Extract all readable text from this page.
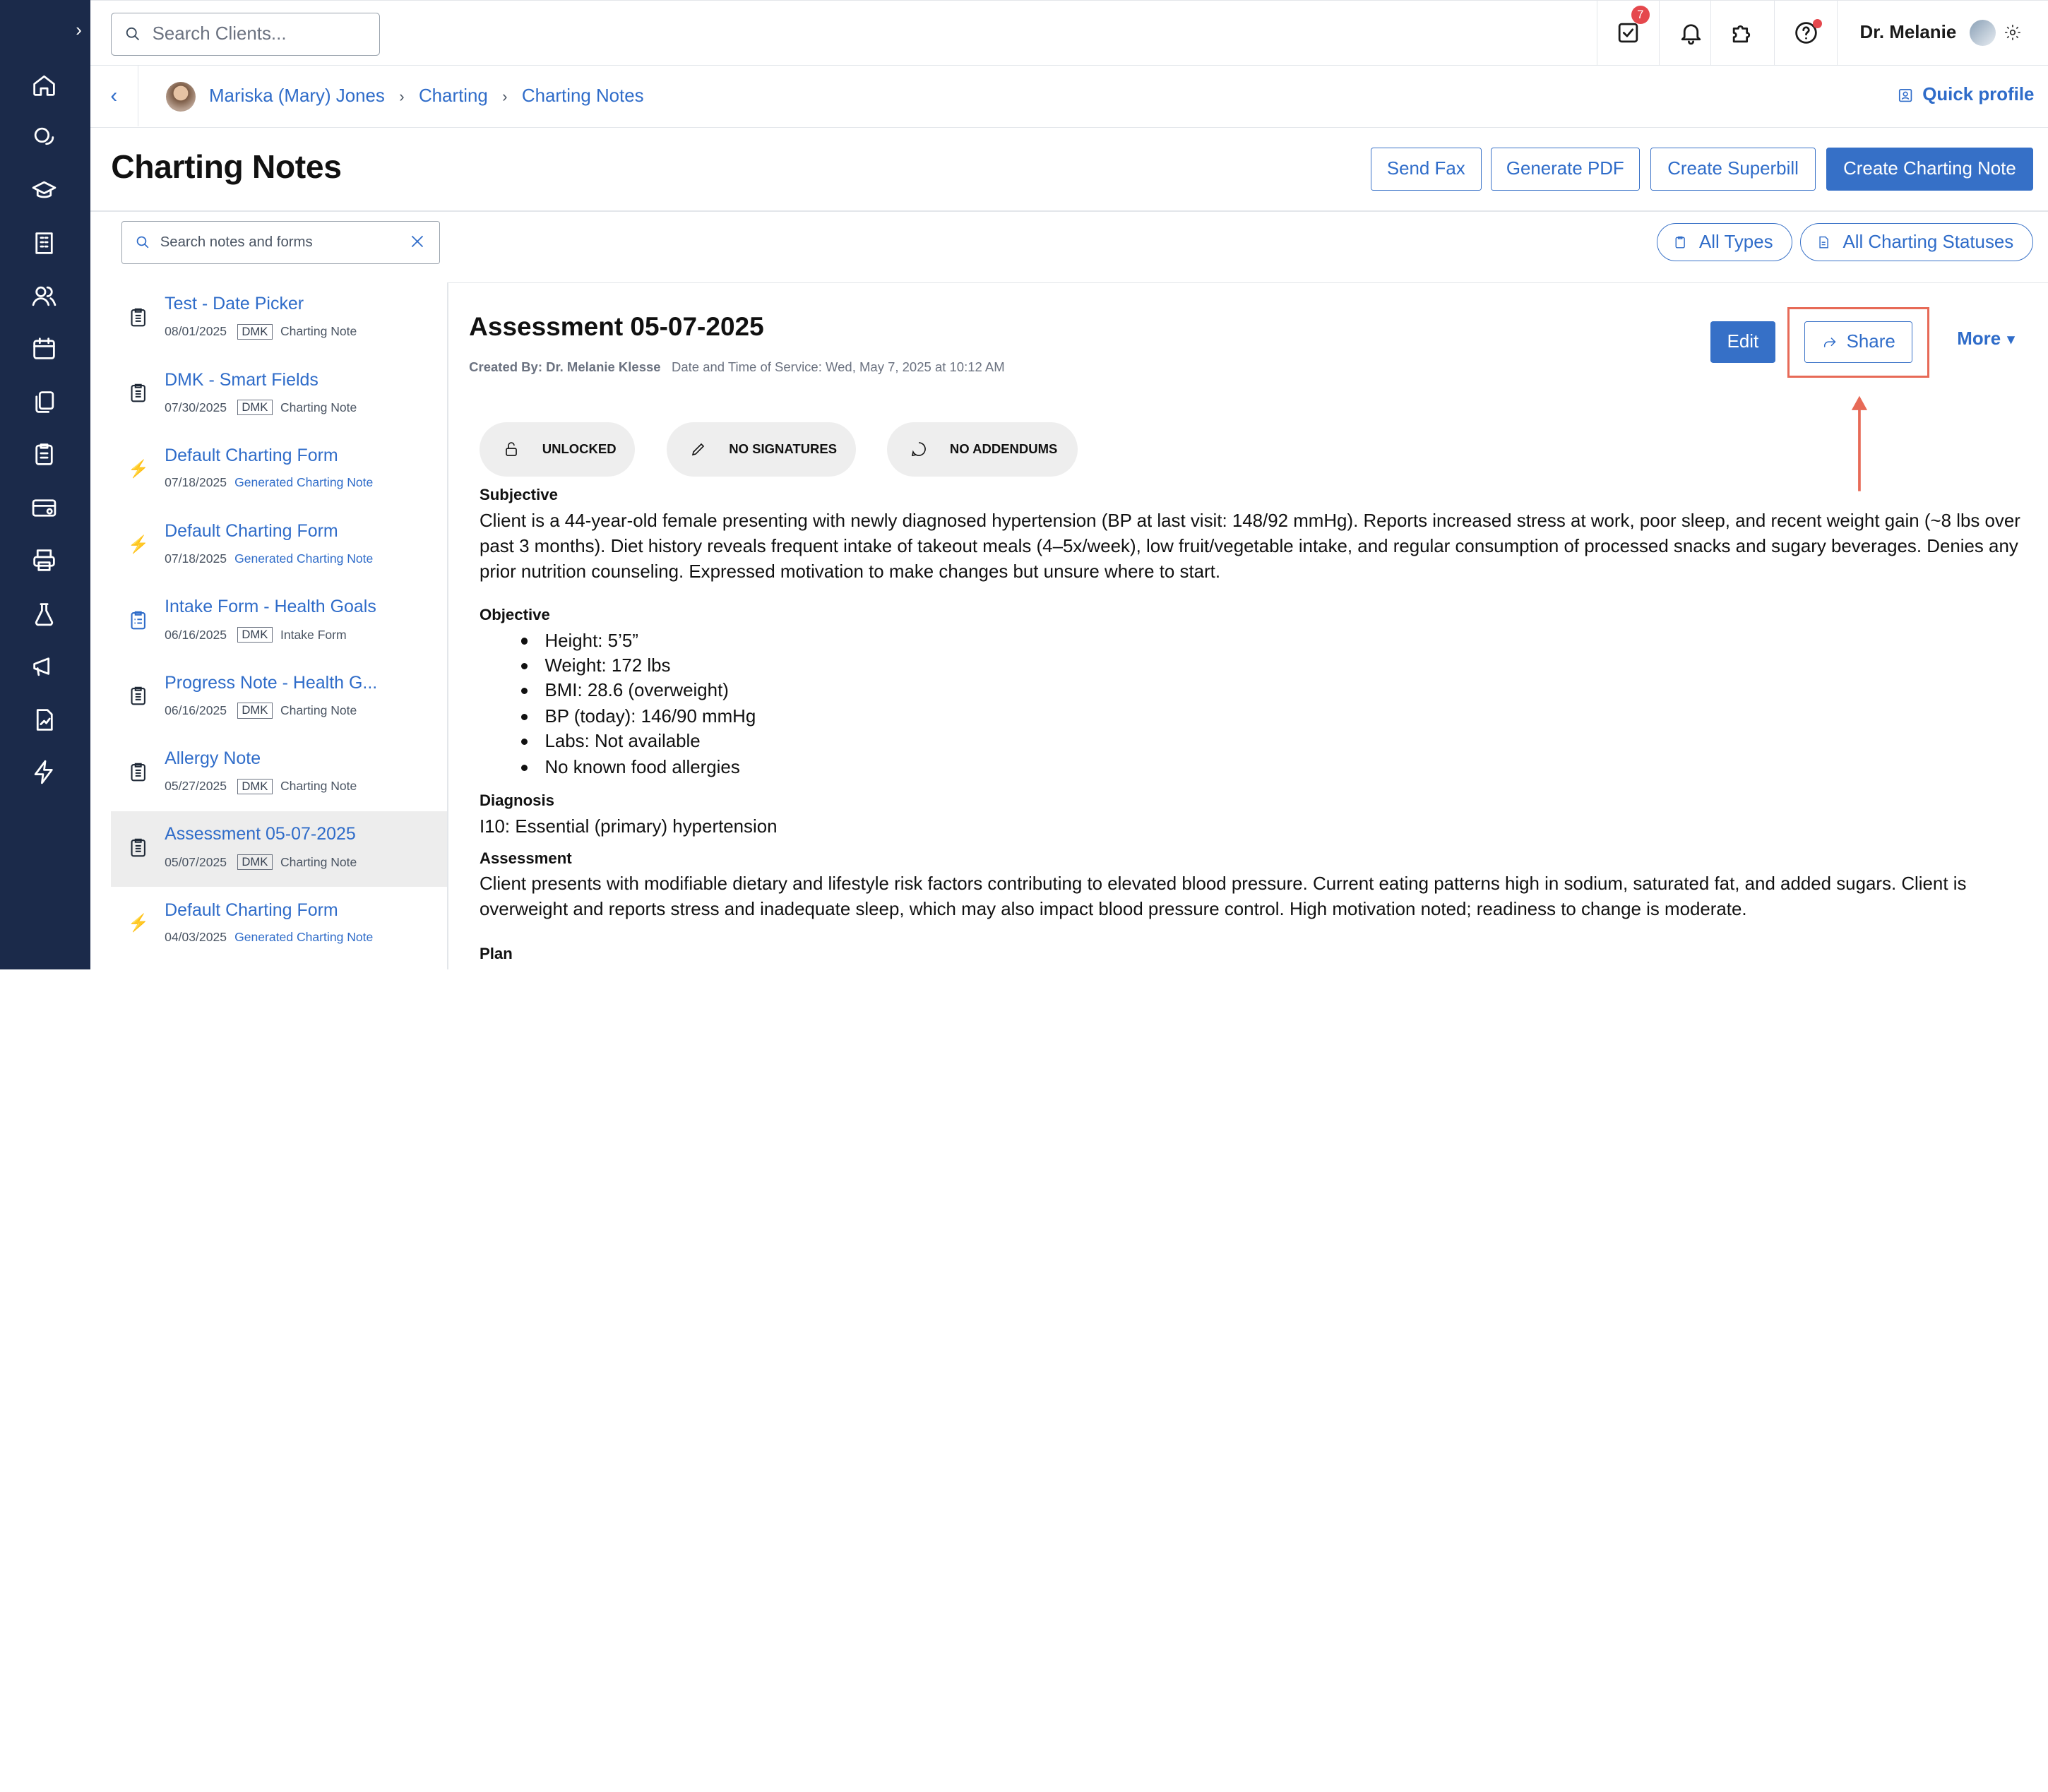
›
Search Clients...
7
Dr. Melanie
‹	Mariska (Mary) Jones › Charting › Charting Notes	Quick profile
Charting Notes	Send Fax	Generate PDF	Create Superbill	Create Charting Note
Search notes and forms
All Types	All Charting Statuses
Test - Date Picker
08/01/2025	DMK	Charting Note
DMK - Smart Fields
07/30/2025	DMK	Charting Note
⚡
Default Charting Form
07/18/2025 Generated Charting Note
⚡
Default Charting Form
07/18/2025 Generated Charting Note
Intake Form - Health Goals
06/16/2025	DMK	Intake Form
Progress Note - Health G...
06/16/2025	DMK	Charting Note
Allergy Note
05/27/2025	DMK	Charting Note
Assessment 05-07-2025
05/07/2025	DMK	Charting Note
⚡
Default Charting Form
04/03/2025 Generated Charting Note
Assessment 05-07-2025
Created By: Dr. Melanie Klesse Date and Time of Service: Wed, May 7, 2025 at 10:12 AM
Edit	Share	More ▾
UNLOCKED	NO SIGNATURES	NO ADDENDUMS
Subjective

Client is a 44-year-old female presenting with newly diagnosed hypertension (BP at last visit: 148/92 mmHg). Reports increased stress at work, poor sleep, and recent weight gain (~8 lbs over past 3 months). Diet history reveals frequent intake of takeout meals (4–5x/week), low fruit/vegetable intake, and regular consumption of processed snacks and sugary beverages. Denies any prior nutrition counseling. Expressed motivation to make changes but unsure where to start.

Objective
Height: 5’5”
Weight: 172 lbs
BMI: 28.6 (overweight)
BP (today): 146/90 mmHg
Labs: Not available
No known food allergies
Diagnosis

I10: Essential (primary) hypertension

Assessment

Client presents with modifiable dietary and lifestyle risk factors contributing to elevated blood pressure. Current eating patterns high in sodium, saturated fat, and added sugars. Client is overweight and reports stress and inadequate sleep, which may also impact blood pressure control. High motivation noted; readiness to change is moderate.

Plan
